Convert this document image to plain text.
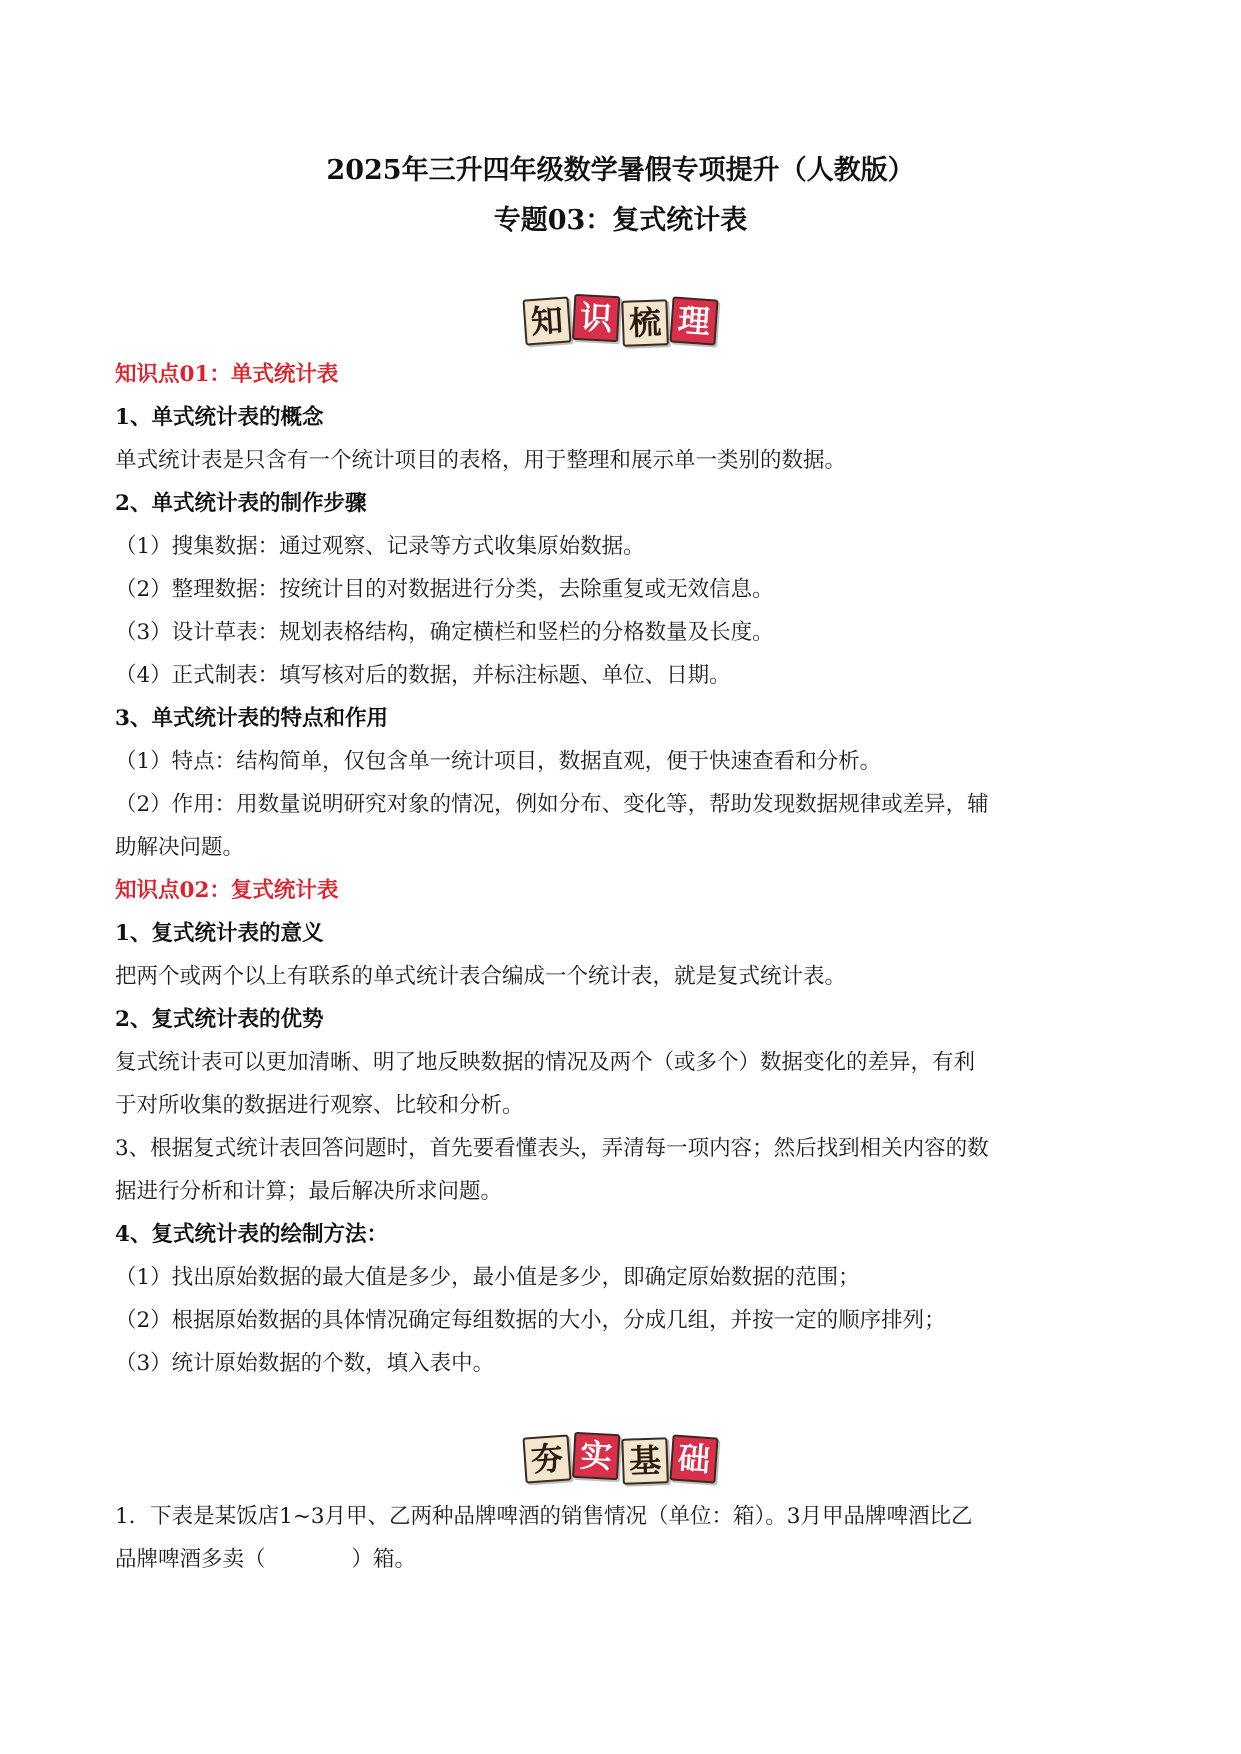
2025年三升四年级数学暑假专项提升（人教版）
专题03：复式统计表
知 识 梳 理
知识点01：单式统计表
1、单式统计表的概念
单式统计表是只含有一个统计项目的表格，用于整理和展示单一类别的数据。
2、单式统计表的制作步骤
（1）搜集数据：通过观察、记录等方式收集原始数据。
（2）整理数据：按统计目的对数据进行分类，去除重复或无效信息。
（3）设计草表：规划表格结构，确定横栏和竖栏的分格数量及长度。
（4）正式制表：填写核对后的数据，并标注标题、单位、日期。
3、单式统计表的特点和作用
（1）特点：结构简单，仅包含单一统计项目，数据直观，便于快速查看和分析。
（2）作用：用数量说明研究对象的情况，例如分布、变化等，帮助发现数据规律或差异，辅
助解决问题。
知识点02：复式统计表
1、复式统计表的意义
把两个或两个以上有联系的单式统计表合编成一个统计表，就是复式统计表。
2、复式统计表的优势
复式统计表可以更加清晰、明了地反映数据的情况及两个（或多个）数据变化的差异，有利
于对所收集的数据进行观察、比较和分析。
3、根据复式统计表回答问题时，首先要看懂表头，弄清每一项内容；然后找到相关内容的数
据进行分析和计算；最后解决所求问题。
4、复式统计表的绘制方法：
（1）找出原始数据的最大值是多少，最小值是多少，即确定原始数据的范围；
（2）根据原始数据的具体情况确定每组数据的大小，分成几组，并按一定的顺序排列；
（3）统计原始数据的个数，填入表中。
夯 实 基 础
1．下表是某饭店1~3月甲、乙两种品牌啤酒的销售情况（单位：箱）。3月甲品牌啤酒比乙
品牌啤酒多卖（　　　　）箱。
